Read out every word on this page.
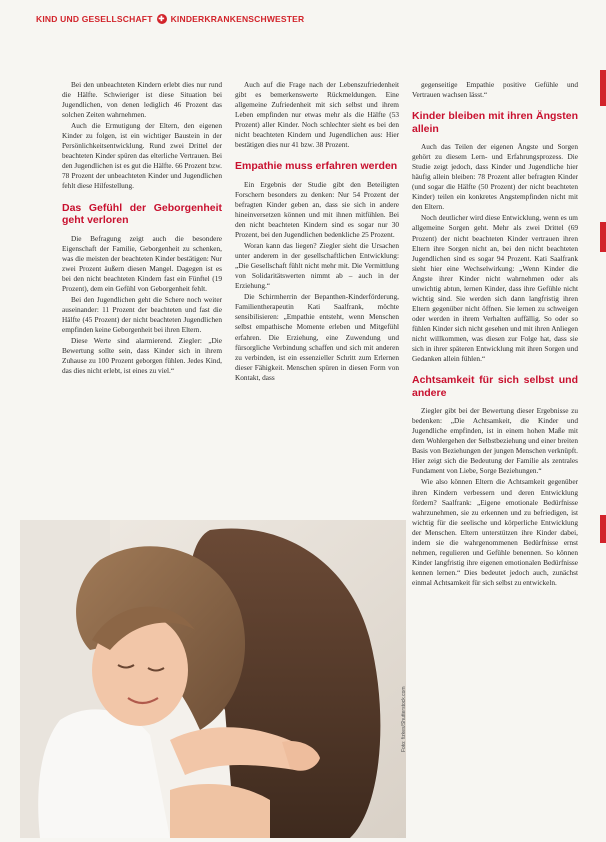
KIND UND GESELLSCHAFT ✚ KINDERKRANKENSCHWESTER

Bei den unbeachteten Kindern erlebt dies nur rund die Hälfte. Schwieriger ist diese Situation bei Jugendlichen, von denen lediglich 46 Prozent das solchen Zeiten wahrnehmen.

Auch die Ermutigung der Eltern, den eigenen Kinder zu folgen, ist ein wichtiger Baustein in der Persönlichkeitsentwicklung. Rund zwei Drittel der beachteten Kinder spüren das elterliche Vertrauen. Bei den Jugendlichen ist es gut die Hälfte. 66 Prozent bzw. 78 Prozent der unbeachteten Kinder und Jugendlichen fehlt diese Hilfestellung.

Das Gefühl der Geborgenheit geht verloren

Die Befragung zeigt auch die besondere Eigenschaft der Familie, Geborgenheit zu schenken, was die meisten der beachteten Kinder bestätigen: Nur zwei Prozent äußern diesen Mangel. Dagegen ist es bei den nicht beachteten Kindern fast ein Fünftel (19 Prozent), dem ein Gefühl von Geborgenheit fehlt.

Bei den Jugendlichen geht die Schere noch weiter auseinander: 11 Prozent der beachteten und fast die Hälfte (45 Prozent) der nicht beachteten Jugendlichen empfinden keine Geborgenheit bei ihren Eltern.

Diese Werte sind alarmierend. Ziegler: „Die Bewertung sollte sein, dass Kinder sich in ihrem Zuhause zu 100 Prozent geborgen fühlen. Jedes Kind, das dies nicht erlebt, ist eines zu viel.“

Auch auf die Frage nach der Lebenszufriedenheit gibt es bemerkenswerte Rückmeldungen. Eine allgemeine Zufriedenheit mit sich selbst und ihrem Leben empfinden nur etwas mehr als die Hälfte (53 Prozent) aller Kinder. Noch schlechter sieht es bei den nicht beachteten Kindern und Jugendlichen aus: Hier bestätigen dies nur 41 bzw. 38 Prozent.

Empathie muss erfahren werden

Ein Ergebnis der Studie gibt den Beteiligten Forschern besonders zu denken: Nur 54 Prozent der befragten Kinder geben an, dass sie sich in andere hineinversetzen können und mit ihnen mitfühlen. Bei den nicht beachteten Kindern sind es sogar nur 30 Prozent, bei den Jugendlichen bedenkliche 25 Prozent.

Woran kann das liegen? Ziegler sieht die Ursachen unter anderem in der gesellschaftlichen Entwicklung: „Die Gesellschaft fühlt nicht mehr mit. Die Vermittlung von Solidaritätswerten nimmt ab – auch in der Erziehung.“

Die Schirmherrin der Bepanthen-Kinderförderung, Familientherapeutin Kati Saalfrank, möchte sensibilisieren: „Empathie entsteht, wenn Menschen selbst empathische Momente erleben und Mitgefühl erfahren. Die Erziehung, eine Zuwendung und fürsorgliche Verbindung schaffen und sich mit anderen zu verbinden, ist ein essenzieller Schritt zum Erlernen dieser Fähigkeit. Menschen spüren in diesen Form von Kontakt, dass

gegenseitige Empathie positive Gefühle und Vertrauen wachsen lässt.“

Kinder bleiben mit ihren Ängsten allein

Auch das Teilen der eigenen Ängste und Sorgen gehört zu diesem Lern- und Erfahrungsprozess. Die Studie zeigt jedoch, dass Kinder und Jugendliche hier häufig allein bleiben: 78 Prozent aller befragten Kinder (und sogar die Hälfte (50 Prozent) der nicht beachteten Kinder) teilen ein konkretes Angstempfinden nicht mit den Eltern.

Noch deutlicher wird diese Entwicklung, wenn es um allgemeine Sorgen geht. Mehr als zwei Drittel (69 Prozent) der nicht beachteten Kinder vertrauen ihren Eltern ihre Sorgen nicht an, bei den nicht beachteten Jugendlichen sind es sogar 94 Prozent. Kati Saalfrank sieht hier eine Wechselwirkung: „Wenn Kinder die Ängste ihrer Kinder nicht wahrnehmen oder als unwichtig abtun, lernen Kinder, dass ihre Gefühle nicht wichtig sind. Sie werden sich dann langfristig ihren Eltern gegenüber nicht öffnen. Sie lernen zu schweigen oder werden in ihrem Verhalten auffällig. So oder so fühlen Kinder sich nicht gesehen und mit ihren Anliegen nicht willkommen, was diesen zur Folge hat, dass sie sich in ihrer späteren Entwicklung mit ihren Sorgen und Gedanken allein fühlen.“

Achtsamkeit für sich selbst und andere

Ziegler gibt bei der Bewertung dieser Ergebnisse zu bedenken: „Die Achtsamkeit, die Kinder und Jugendliche empfinden, ist in einem hohen Maße mit dem Wohlergehen der Selbstbeziehung und einer breiten Basis von Beziehungen der jungen Menschen verknüpft. Hier zeigt sich die Bedeutung der Familie als zentrales Fundament von Liebe, Sorge Beziehungen.“

Wie also können Eltern die Achtsamkeit gegenüber ihren Kindern verbessern und deren Entwicklung fördern? Saalfrank: „Eigene emotionale Bedürfnisse wahrzunehmen, sie zu erkennen und zu befriedigen, ist wichtig für die seelische und körperliche Entwicklung der Menschen. Eltern unterstützen ihre Kinder dabei, indem sie die wahrgenommenen Bedürfnisse ernst nehmen, regulieren und Gefühle benennen. So können Kinder langfristig ihre eigenen emotionalen Bedürfnisse kennen lernen.“ Dies bedeutet jedoch auch, zunächst einmal Achtsamkeit für sich selbst zu entwickeln.

Foto: fizkes/Shutterstock.com
